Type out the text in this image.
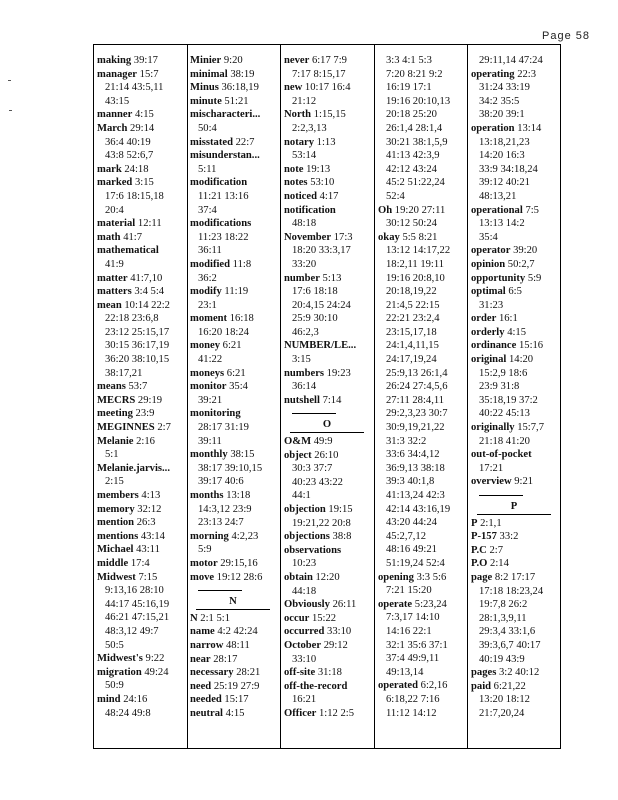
Page 58
making 39:17
manager 15:7
21:14 43:5,11
43:15
manner 4:15
March 29:14
36:4 40:19
43:8 52:6,7
mark 24:18
marked 3:15
17:6 18:15,18
20:4
material 12:11
math 41:7
mathematical
41:9
matter 41:7,10
matters 3:4 5:4
mean 10:14 22:2
22:18 23:6,8
23:12 25:15,17
30:15 36:17,19
36:20 38:10,15
38:17,21
means 53:7
MECRS 29:19
meeting 23:9
MEGINNES 2:7
Melanie 2:16
5:1
Melanie.jarvis...
2:15
members 4:13
memory 32:12
mention 26:3
mentions 43:14
Michael 43:11
middle 17:4
Midwest 7:15
9:13,16 28:10
44:17 45:16,19
46:21 47:15,21
48:3,12 49:7
50:5
Midwest's 9:22
migration 49:24
50:9
mind 24:16
48:24 49:8
Minier 9:20
minimal 38:19
Minus 36:18,19
minute 51:21
mischaracteri...
50:4
misstated 22:7
misunderstan...
5:11
modification
11:21 13:16
37:4
modifications
11:23 18:22
36:11
modified 11:8
36:2
modify 11:19
23:1
moment 16:18
16:20 18:24
money 6:21
41:22
moneys 6:21
monitor 35:4
39:21
monitoring
28:17 31:19
39:11
monthly 38:15
38:17 39:10,15
39:17 40:6
months 13:18
14:3,12 23:9
23:13 24:7
morning 4:2,23
5:9
motor 29:15,16
move 19:12 28:6
N
N 2:1 5:1
name 4:2 42:24
narrow 48:11
near 28:17
necessary 28:21
need 25:19 27:9
needed 15:17
neutral 4:15
never 6:17 7:9
7:17 8:15,17
new 10:17 16:4
21:12
North 1:15,15
2:2,3,13
notary 1:13
53:14
note 19:13
notes 53:10
noticed 4:17
notification
48:18
November 17:3
18:20 33:3,17
33:20
number 5:13
17:6 18:18
20:4,15 24:24
25:9 30:10
46:2,3
NUMBER/LE...
3:15
numbers 19:23
36:14
nutshell 7:14
O
O&M 49:9
object 26:10
30:3 37:7
40:23 43:22
44:1
objection 19:15
19:21,22 20:8
objections 38:8
observations
10:23
obtain 12:20
44:18
Obviously 26:11
occur 15:22
occurred 33:10
October 29:12
33:10
off-site 31:18
off-the-record
16:21
Officer 1:12 2:5
3:3 4:1 5:3
7:20 8:21 9:2
16:19 17:1
19:16 20:10,13
20:18 25:20
26:1,4 28:1,4
30:21 38:1,5,9
41:13 42:3,9
42:12 43:24
45:2 51:22,24
52:4
Oh 19:20 27:11
30:12 50:24
okay 5:5 8:21
13:12 14:17,22
18:2,11 19:11
19:16 20:8,10
20:18,19,22
21:4,5 22:15
22:21 23:2,4
23:15,17,18
24:1,4,11,15
24:17,19,24
25:9,13 26:1,4
26:24 27:4,5,6
27:11 28:4,11
29:2,3,23 30:7
30:9,19,21,22
31:3 32:2
33:6 34:4,12
36:9,13 38:18
39:3 40:1,8
41:13,24 42:3
42:14 43:16,19
43:20 44:24
45:2,7,12
48:16 49:21
51:19,24 52:4
opening 3:3 5:6
7:21 15:20
operate 5:23,24
7:3,17 14:10
14:16 22:1
32:1 35:6 37:1
37:4 49:9,11
49:13,14
operated 6:2,16
6:18,22 7:16
11:12 14:12
29:11,14 47:24
operating 22:3
31:24 33:19
34:2 35:5
38:20 39:1
operation 13:14
13:18,21,23
14:20 16:3
33:9 34:18,24
39:12 40:21
48:13,21
operational 7:5
13:13 14:2
35:4
operator 39:20
opinion 50:2,7
opportunity 5:9
optimal 6:5
31:23
order 16:1
orderly 4:15
ordinance 15:16
original 14:20
15:2,9 18:6
23:9 31:8
35:18,19 37:2
40:22 45:13
originally 15:7,7
21:18 41:20
out-of-pocket
17:21
overview 9:21
P
P 2:1,1
P-157 33:2
P.C 2:7
P.O 2:14
page 8:2 17:17
17:18 18:23,24
19:7,8 26:2
28:1,3,9,11
29:3,4 33:1,6
39:3,6,7 40:17
40:19 43:9
pages 3:2 40:12
paid 6:21,22
13:20 18:12
21:7,20,24
